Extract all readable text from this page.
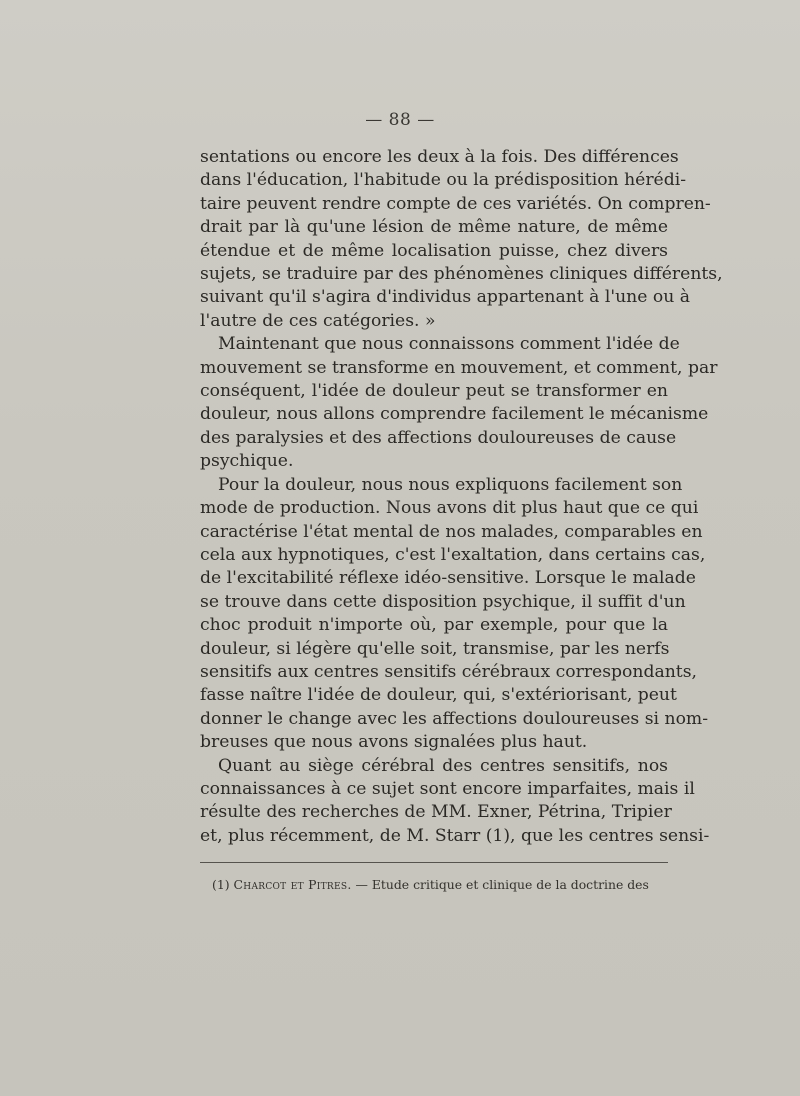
— 88 —
sentations ou encore les deux à la fois. Des différences
dans l'éducation, l'habitude ou la prédisposition hérédi-
taire peuvent rendre compte de ces variétés. On compren-
drait par là qu'une lésion de même nature, de même
étendue et de même localisation puisse, chez divers
sujets, se traduire par des phénomènes cliniques différents,
suivant qu'il s'agira d'individus appartenant à l'une ou à
l'autre de ces catégories. »
Maintenant que nous connaissons comment l'idée de
mouvement se transforme en mouvement, et comment, par
conséquent, l'idée de douleur peut se transformer en
douleur, nous allons comprendre facilement le mécanisme
des paralysies et des affections douloureuses de cause
psychique.
Pour la douleur, nous nous expliquons facilement son
mode de production. Nous avons dit plus haut que ce qui
caractérise l'état mental de nos malades, comparables en
cela aux hypnotiques, c'est l'exaltation, dans certains cas,
de l'excitabilité réflexe idéo-sensitive. Lorsque le malade
se trouve dans cette disposition psychique, il suffit d'un
choc produit n'importe où, par exemple, pour que la
douleur, si légère qu'elle soit, transmise, par les nerfs
sensitifs aux centres sensitifs cérébraux correspondants,
fasse naître l'idée de douleur, qui, s'extériorisant, peut
donner le change avec les affections douloureuses si nom-
breuses que nous avons signalées plus haut.
Quant au siège cérébral des centres sensitifs, nos
connaissances à ce sujet sont encore imparfaites, mais il
résulte des recherches de MM. Exner, Pétrina, Tripier
et, plus récemment, de M. Starr (1), que les centres sensi-
(1) Charcot et Pitres. — Etude critique et clinique de la doctrine des
